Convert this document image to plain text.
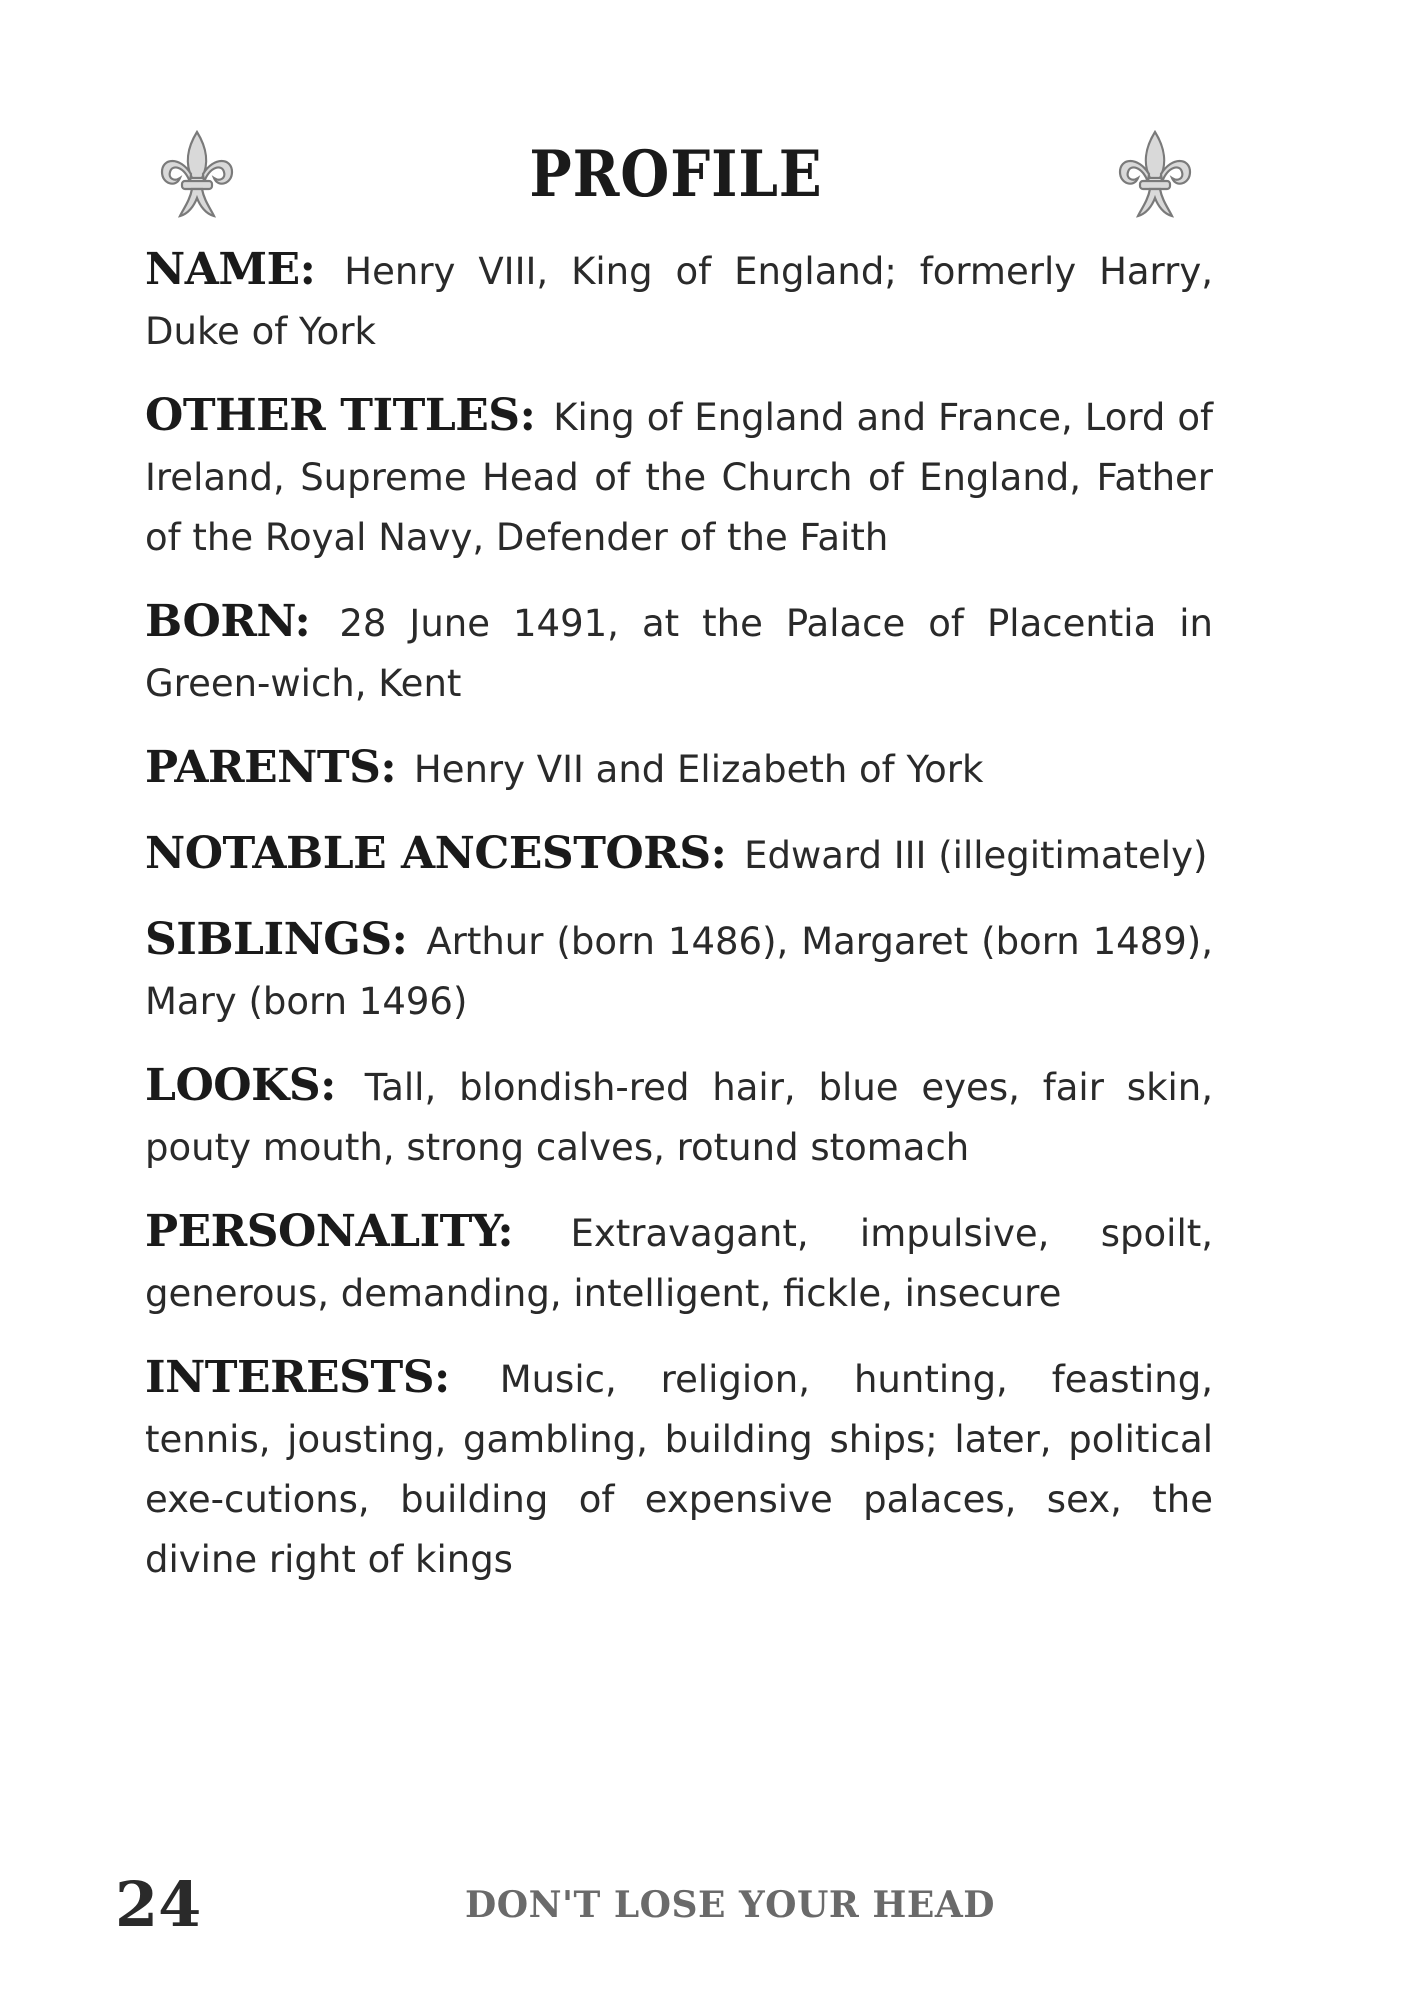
PROFILE

NAME: Henry VIII, King of England; formerly Harry, Duke of York

OTHER TITLES: King of England and France, Lord of Ireland, Supreme Head of the Church of England, Father of the Royal Navy, Defender of the Faith

BORN: 28 June 1491, at the Palace of Placentia in Green-wich, Kent

PARENTS: Henry VII and Elizabeth of York

NOTABLE ANCESTORS: Edward III (illegitimately)

SIBLINGS: Arthur (born 1486), Margaret (born 1489), Mary (born 1496)

LOOKS: Tall, blondish-red hair, blue eyes, fair skin, pouty mouth, strong calves, rotund stomach

PERSONALITY: Extravagant, impulsive, spoilt, generous, demanding, intelligent, fickle, insecure

INTERESTS: Music, religion, hunting, feasting, tennis, jousting, gambling, building ships; later, political exe-cutions, building of expensive palaces, sex, the divine right of kings

24	DON'T LOSE YOUR HEAD
